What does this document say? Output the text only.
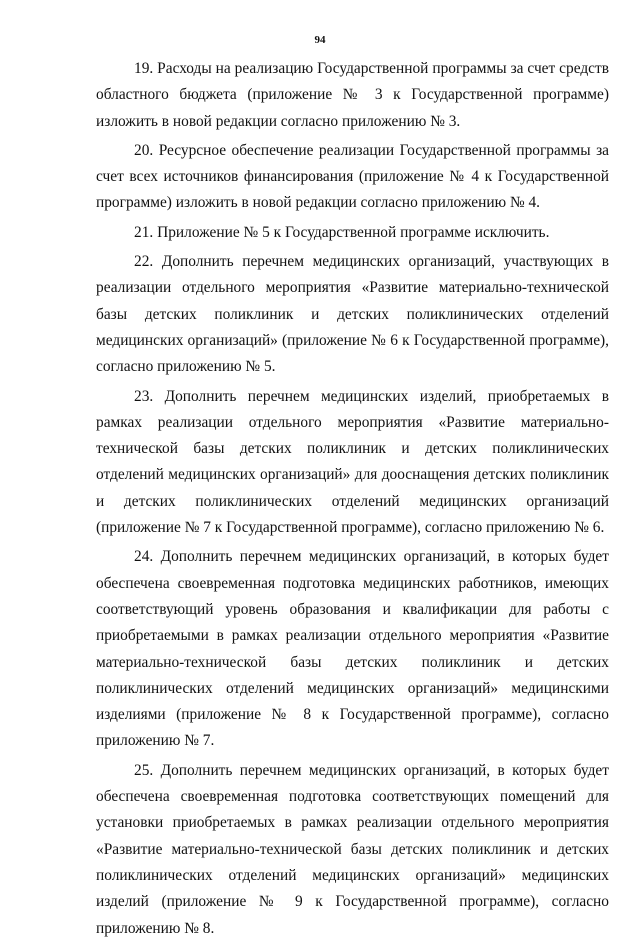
94

19. Расходы на реализацию Государственной программы за счет средств областного бюджета (приложение № 3 к Государственной программе) изложить в новой редакции согласно приложению № 3.

20. Ресурсное обеспечение реализации Государственной программы за счет всех источников финансирования (приложение № 4 к Государственной программе) изложить в новой редакции согласно приложению № 4.

21. Приложение № 5 к Государственной программе исключить.

22. Дополнить перечнем медицинских организаций, участвующих в реализации отдельного мероприятия «Развитие материально-технической базы детских поликлиник и детских поликлинических отделений медицинских организаций» (приложение № 6 к Государственной программе), согласно приложению № 5.

23. Дополнить перечнем медицинских изделий, приобретаемых в рамках реализации отдельного мероприятия «Развитие материально-технической базы детских поликлиник и детских поликлинических отделений медицинских организаций» для дооснащения детских поликлиник и детских поликлинических отделений медицинских организаций (приложение № 7 к Государственной программе), согласно приложению № 6.

24. Дополнить перечнем медицинских организаций, в которых будет обеспечена своевременная подготовка медицинских работников, имеющих соответствующий уровень образования и квалификации для работы с приобретаемыми в рамках реализации отдельного мероприятия «Развитие материально-технической базы детских поликлиник и детских поликлинических отделений медицинских организаций» медицинскими изделиями (приложение № 8 к Государственной программе), согласно приложению № 7.

25. Дополнить перечнем медицинских организаций, в которых будет обеспечена своевременная подготовка соответствующих помещений для установки приобретаемых в рамках реализации отдельного мероприятия «Развитие материально-технической базы детских поликлиник и детских поликлинических отделений медицинских организаций» медицинских изделий (приложение № 9 к Государственной программе), согласно приложению № 8.
